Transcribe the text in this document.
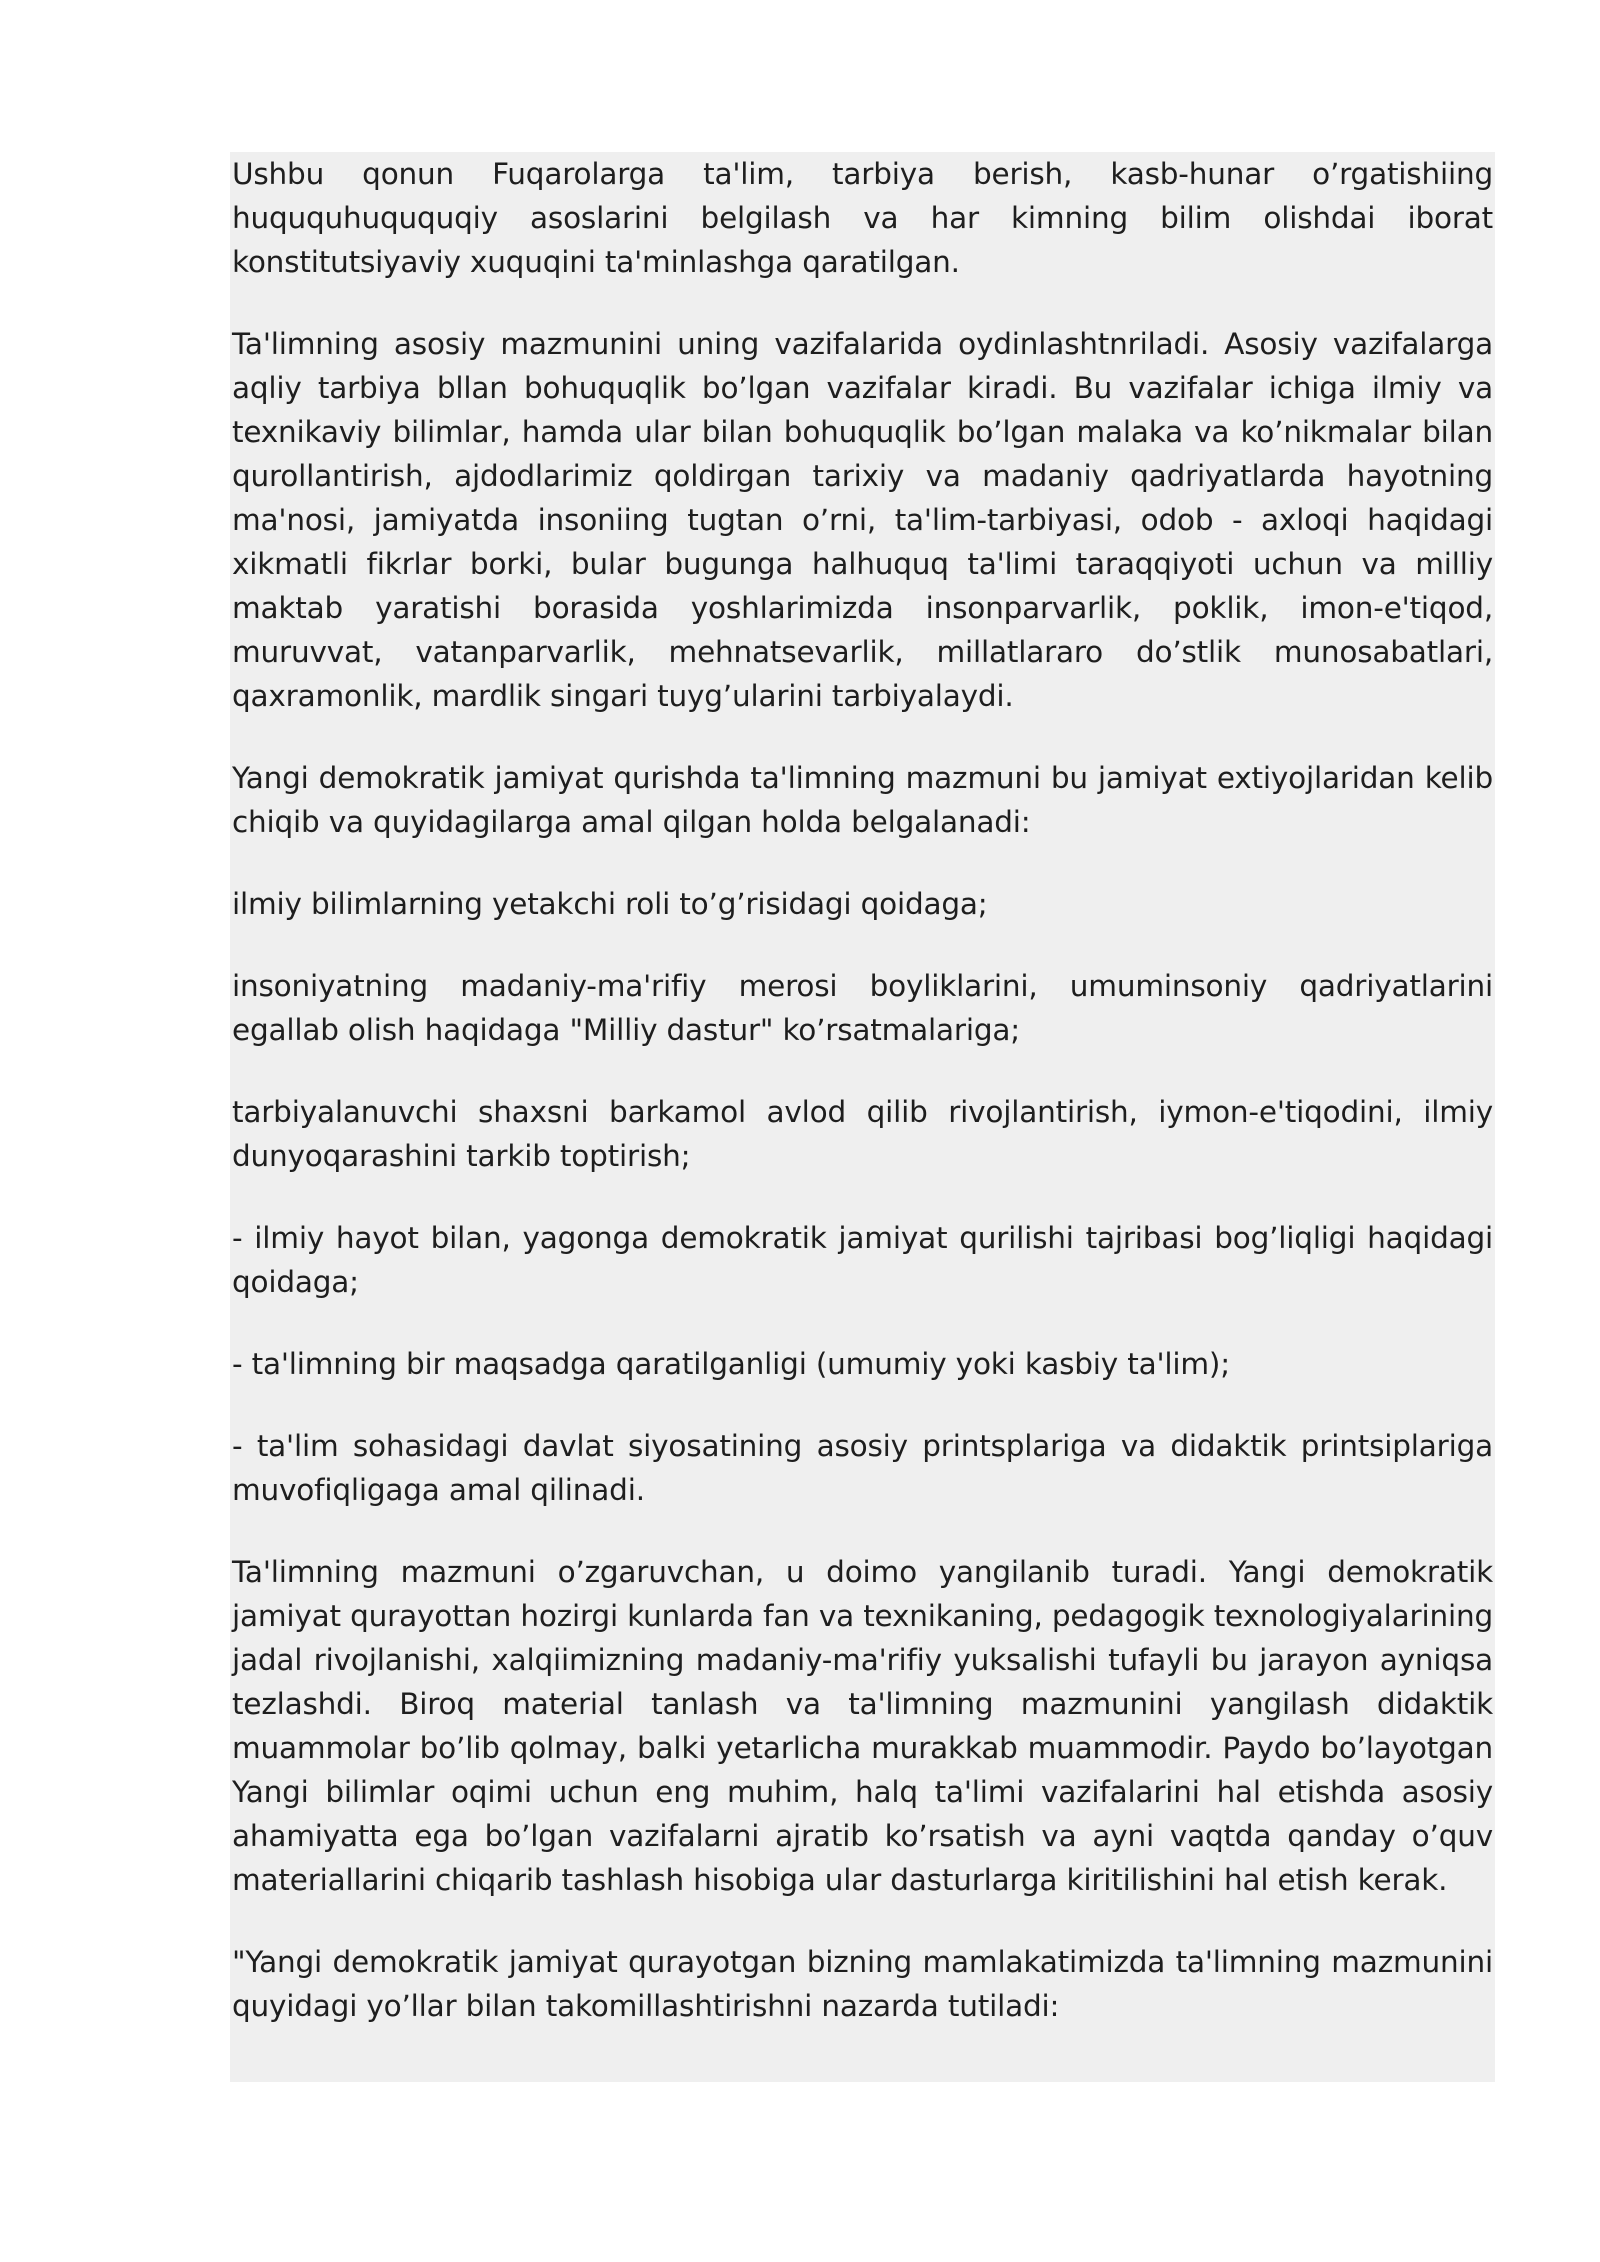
Ushbu qonun Fuqarolarga ta'lim, tarbiya berish, kasb-hunar o’rgatishiing huququhuququqiy asoslarini belgilash va har kimning bilim olishdai iborat konstitutsiyaviy xuquqini ta'minlashga qaratilgan.

Ta'limning asosiy mazmunini uning vazifalarida oydinlashtnriladi. Asosiy vazifalarga aqliy tarbiya bllan bohuquqlik bo’lgan vazifalar kiradi. Bu vazifalar ichiga ilmiy va texnikaviy bilimlar, hamda ular bilan bohuquqlik bo’lgan malaka va ko’nikmalar bilan qurollantirish, ajdodlarimiz qoldirgan tarixiy va madaniy qadriyatlarda hayotning ma'nosi, jamiyatda insoniing tugtan o’rni, ta'lim-tarbiyasi, odob - axloqi haqidagi xikmatli fikrlar borki, bular bugunga halhuquq ta'limi taraqqiyoti uchun va milliy maktab yaratishi borasida yoshlarimizda insonparvarlik, poklik, imon-e'tiqod, muruvvat, vatanparvarlik, mehnatsevarlik, millatlararo do’stlik munosabatlari, qaxramonlik, mardlik singari tuyg’ularini tarbiyalaydi.

Yangi demokratik jamiyat qurishda ta'limning mazmuni bu jamiyat extiyojlaridan kelib chiqib va quyidagilarga amal qilgan holda belgalanadi:

ilmiy bilimlarning yetakchi roli to’g’risidagi qoidaga;

insoniyatning madaniy-ma'rifiy merosi boyliklarini, umuminsoniy qadriyatlarini egallab olish haqidaga "Milliy dastur" ko’rsatmalariga;

tarbiyalanuvchi shaxsni barkamol avlod qilib rivojlantirish, iymon-e'tiqodini, ilmiy dunyoqarashini tarkib toptirish;

- ilmiy hayot bilan, yagonga demokratik jamiyat qurilishi tajribasi bog’liqligi haqidagi qoidaga;

- ta'limning bir maqsadga qaratilganligi (umumiy yoki kasbiy ta'lim);

- ta'lim sohasidagi davlat siyosatining asosiy printsplariga va didaktik printsiplariga muvofiqligaga amal qilinadi.

Ta'limning mazmuni o’zgaruvchan, u doimo yangilanib turadi. Yangi demokratik jamiyat qurayottan hozirgi kunlarda fan va texnikaning, pedagogik texnologiyalarining jadal rivojlanishi, xalqiimizning madaniy-ma'rifiy yuksalishi tufayli bu jarayon ayniqsa tezlashdi. Biroq material tanlash va ta'limning mazmunini yangilash didaktik muammolar bo’lib qolmay, balki yetarlicha murakkab muammodir. Paydo bo’layotgan Yangi bilimlar oqimi uchun eng muhim, halq ta'limi vazifalarini hal etishda asosiy ahamiyatta ega bo’lgan vazifalarni ajratib ko’rsatish va ayni vaqtda qanday o’quv materiallarini chiqarib tashlash hisobiga ular dasturlarga kiritilishini hal etish kerak.

"Yangi demokratik jamiyat qurayotgan bizning mamlakatimizda ta'limning mazmunini quyidagi yo’llar bilan takomillashtirishni nazarda tutiladi:
